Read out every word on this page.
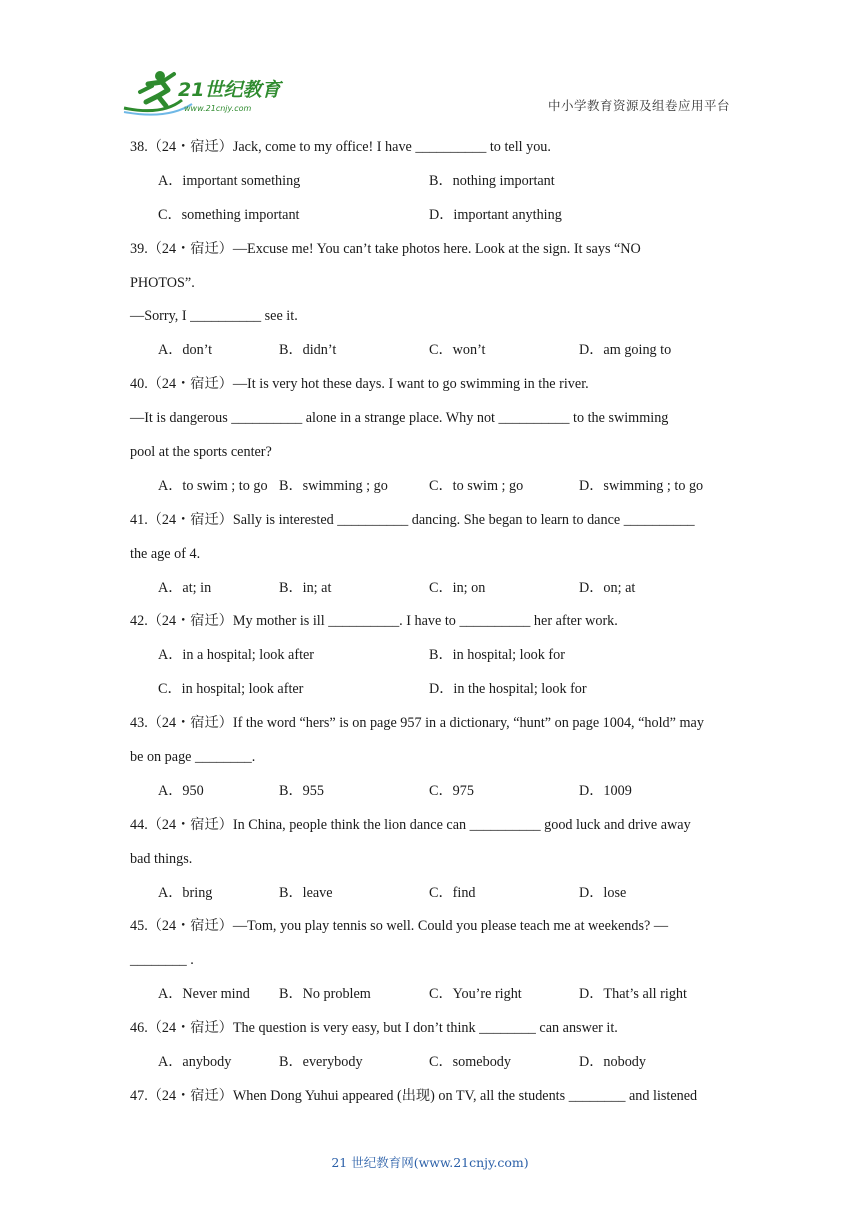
21世纪教育
www.21cnjy.com	中小学教育资源及组卷应用平台
38.（24・宿迁）Jack, come to my office! I have __________ to tell you.
A．important something	B．nothing important
C．something important	D．important anything
39.（24・宿迁）—Excuse me! You can’t take photos here. Look at the sign. It says “NO
PHOTOS”.
—Sorry, I __________ see it.
A．don’t	B．didn’t	C．won’t	D．am going to
40.（24・宿迁）—It is very hot these days. I want to go swimming in the river.
—It is dangerous __________ alone in a strange place. Why not __________ to the swimming
pool at the sports center?
A．to swim ; to go B．swimming ; go	C．to swim ; go	D．swimming ; to go
41.（24・宿迁）Sally is interested __________ dancing. She began to learn to dance __________
the age of 4.
A．at; in	B．in; at	C．in; on	D．on; at
42.（24・宿迁）My mother is ill __________. I have to __________ her after work.
A．in a hospital; look after	B．in hospital; look for
C．in hospital; look after	D．in the hospital; look for
43.（24・宿迁）If the word “hers” is on page 957 in a dictionary, “hunt” on page 1004, “hold” may
be on page ________.
A．950	B．955	C．975	D．1009
44.（24・宿迁）In China, people think the lion dance can __________ good luck and drive away
bad things.
A．bring	B．leave	C．find	D．lose
45.（24・宿迁）—Tom, you play tennis so well. Could you please teach me at weekends? —
________ .
A．Never mind B．No problem	C．You’re right	D．That’s all right
46.（24・宿迁）The question is very easy, but I don’t think ________ can answer it.
A．anybody	B．everybody	C．somebody	D．nobody
47.（24・宿迁）When Dong Yuhui appeared (出现) on TV, all the students ________ and listened
21 世纪教育网(www.21cnjy.com)
